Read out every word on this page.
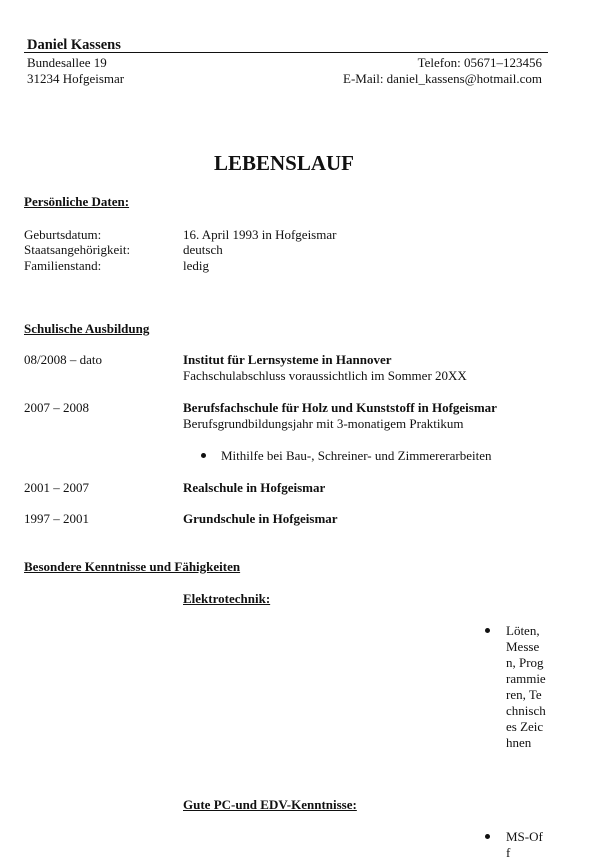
Daniel Kassens
Bundesallee 19
31234 Hofgeismar
Telefon: 05671–123456
E-Mail: daniel_kassens@hotmail.com
LEBENSLAUF
Persönliche Daten:
Geburtsdatum:	16. April 1993 in Hofgeismar
Staatsangehörigkeit:	deutsch
Familienstand:	ledig
Schulische Ausbildung
08/2008 – dato	Institut für Lernsysteme in Hannover
Fachschulabschluss voraussichtlich im Sommer 20XX
2007 – 2008	Berufsfachschule für Holz und Kunststoff in Hofgeismar
Berufsgrundbildungsjahr mit 3-monatigem Praktikum
Mithilfe bei Bau-, Schreiner- und Zimmererarbeiten
2001 – 2007	Realschule in Hofgeismar
1997 – 2001	Grundschule in Hofgeismar
Besondere Kenntnisse und Fähigkeiten
Elektrotechnik:
Löten, Messen, Programmieren, Technisches Zeichnen
Gute PC-und EDV-Kenntnisse:
MS-Off
